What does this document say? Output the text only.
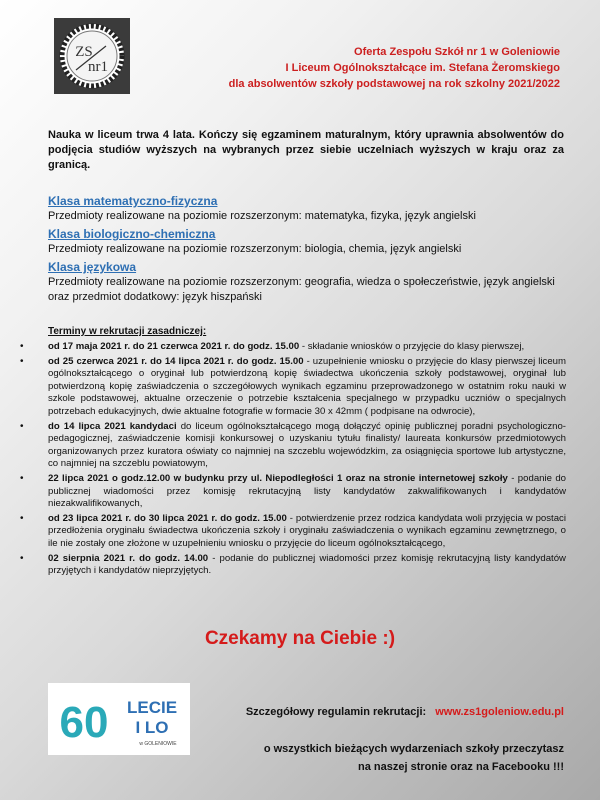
ZS
nr1
Oferta Zespołu Szkół nr 1 w Goleniowie
I Liceum Ogólnokształcące im. Stefana Żeromskiego
dla absolwentów szkoły podstawowej na rok szkolny 2021/2022
Nauka w liceum trwa 4 lata. Kończy się egzaminem maturalnym, który uprawnia absolwentów do podjęcia studiów wyższych na wybranych przez siebie uczelniach wyższych w kraju oraz za granicą.

Klasa matematyczno-fizyczna

Przedmioty realizowane na poziomie rozszerzonym: matematyka, fizyka, język angielski

Klasa biologiczno-chemiczna

Przedmioty realizowane na poziomie rozszerzonym: biologia, chemia, język angielski

Klasa językowa

Przedmioty realizowane na poziomie rozszerzonym: geografia, wiedza o społeczeństwie, język angielski oraz przedmiot dodatkowy: język hiszpański

Terminy w rekrutacji zasadniczej:
•	od 17 maja 2021 r. do 21 czerwca 2021 r. do godz. 15.00 - składanie wniosków o przyjęcie do klasy pierwszej,
•	od 25 czerwca 2021 r. do 14 lipca 2021 r. do godz. 15.00 - uzupełnienie wniosku o przyjęcie do klasy pierwszej liceum ogólnokształcącego o oryginał lub potwierdzoną kopię świadectwa ukończenia szkoły podstawowej, oryginał lub potwierdzoną kopię zaświadczenia o szczegółowych wynikach egzaminu przeprowadzonego w ostatnim roku nauki w szkole podstawowej, aktualne orzeczenie o potrzebie kształcenia specjalnego w przypadku uczniów o specjalnych potrzebach edukacyjnych, dwie aktualne fotografie w formacie 30 x 42mm ( podpisane na odwrocie),
•	do 14 lipca 2021 kandydaci do liceum ogólnokształcącego mogą dołączyć opinię publicznej poradni psychologiczno-pedagogicznej, zaświadczenie komisji konkursowej o uzyskaniu tytułu finalisty/ laureata konkursów przedmiotowych organizowanych przez kuratora oświaty co najmniej na szczeblu wojewódzkim, za osiągnięcia sportowe lub artystyczne, co najmniej na szczeblu powiatowym,
•	22 lipca 2021 o godz.12.00 w budynku przy ul. Niepodległości 1 oraz na stronie internetowej szkoły - podanie do publicznej wiadomości przez komisję rekrutacyjną listy kandydatów zakwalifikowanych i kandydatów niezakwalifikowanych,
•	od 23 lipca 2021 r. do 30 lipca 2021 r. do godz. 15.00 - potwierdzenie przez rodzica kandydata woli przyjęcia w postaci przedłożenia oryginału świadectwa ukończenia szkoły i oryginału zaświadczenia o wynikach egzaminu zewnętrznego, o ile nie zostały one złożone w uzupełnieniu wniosku o przyjęcie do liceum ogólnokształcącego,
•	02 sierpnia 2021 r. do godz. 14.00 - podanie do publicznej wiadomości przez komisję rekrutacyjną listy kandydatów przyjętych i kandydatów nieprzyjętych.
Czekamy na Ciebie :)
60 LECIE
I LO
w GOLENIOWIE
Szczegółowy regulamin rekrutacji: www.zs1goleniow.edu.pl
o wszystkich bieżących wydarzeniach szkoły przeczytasz
na naszej stronie oraz na Facebooku !!!
